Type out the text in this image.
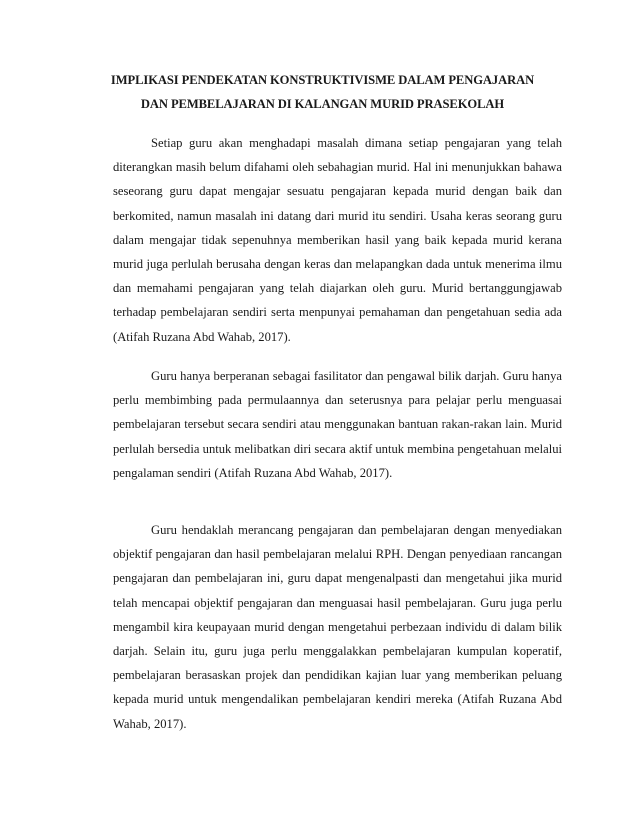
IMPLIKASI PENDEKATAN KONSTRUKTIVISME DALAM PENGAJARAN
DAN PEMBELAJARAN DI KALANGAN MURID PRASEKOLAH

Setiap guru akan menghadapi masalah dimana setiap pengajaran yang telah diterangkan masih belum difahami oleh sebahagian murid. Hal ini menunjukkan bahawa seseorang guru dapat mengajar sesuatu pengajaran kepada murid dengan baik dan berkomited, namun masalah ini datang dari murid itu sendiri. Usaha keras seorang guru dalam mengajar tidak sepenuhnya memberikan hasil yang baik kepada murid kerana murid juga perlulah berusaha dengan keras dan melapangkan dada untuk menerima ilmu dan memahami pengajaran yang telah diajarkan oleh guru. Murid bertanggungjawab terhadap pembelajaran sendiri serta menpunyai pemahaman dan pengetahuan sedia ada (Atifah Ruzana Abd Wahab, 2017).

Guru hanya berperanan sebagai fasilitator dan pengawal bilik darjah. Guru hanya perlu membimbing pada permulaannya dan seterusnya para pelajar perlu menguasai pembelajaran tersebut secara sendiri atau menggunakan bantuan rakan-rakan lain. Murid perlulah bersedia untuk melibatkan diri secara aktif untuk membina pengetahuan melalui pengalaman sendiri (Atifah Ruzana Abd Wahab, 2017).

Guru hendaklah merancang pengajaran dan pembelajaran dengan menyediakan objektif pengajaran dan hasil pembelajaran melalui RPH. Dengan penyediaan rancangan pengajaran dan pembelajaran ini, guru dapat mengenalpasti dan mengetahui jika murid telah mencapai objektif pengajaran dan menguasai hasil pembelajaran. Guru juga perlu mengambil kira keupayaan murid dengan mengetahui perbezaan individu di dalam bilik darjah. Selain itu, guru juga perlu menggalakkan pembelajaran kumpulan koperatif, pembelajaran berasaskan projek dan pendidikan kajian luar yang memberikan peluang kepada murid untuk mengendalikan pembelajaran kendiri mereka (Atifah Ruzana Abd Wahab, 2017).
